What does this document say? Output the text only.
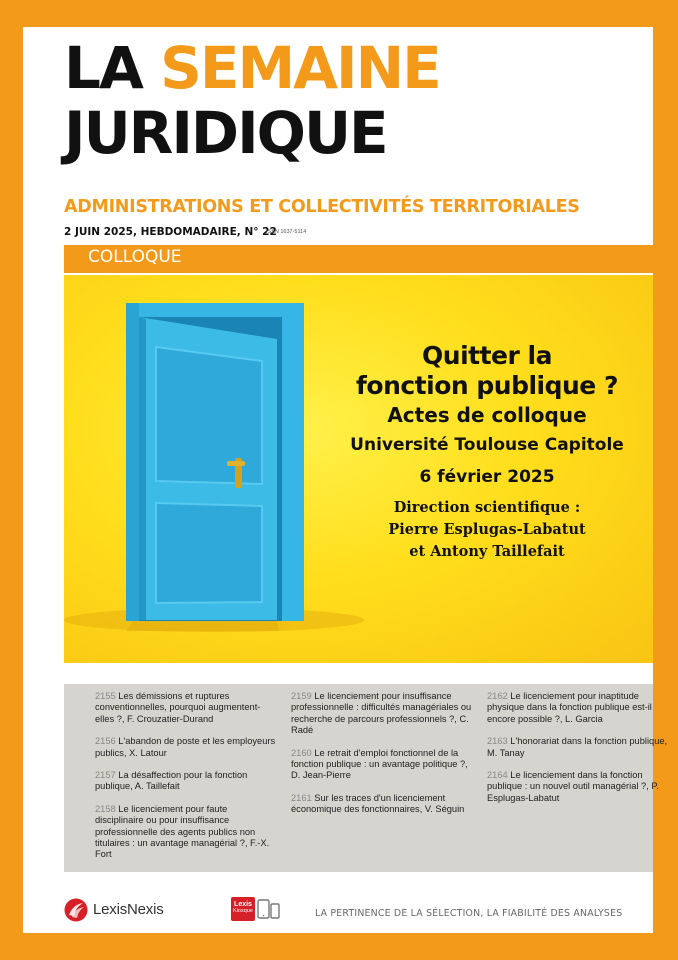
LA SEMAINE
JURIDIQUE
ADMINISTRATIONS ET COLLECTIVITÉS TERRITORIALES
2 JUIN 2025, HEBDOMADAIRE, N° 22
ISSN 1637-5114
COLLOQUE
Quitter la
fonction publique ?
Actes de colloque
Université Toulouse Capitole
6 février 2025
Direction scientifique :
Pierre Esplugas-Labatut
et Antony Taillefait
2155 Les démissions et ruptures conventionnelles, pourquoi augmentent-elles ?, F. Crouzatier-Durand
2156 L'abandon de poste et les employeurs publics, X. Latour
2157 La désaffection pour la fonction publique, A. Taillefait
2158 Le licenciement pour faute disciplinaire ou pour insuffisance professionnelle des agents publics non titulaires : un avantage managérial ?, F.-X. Fort
2159 Le licenciement pour insuffisance professionnelle : difficultés managériales ou recherche de parcours professionnels ?, C. Radé
2160 Le retrait d'emploi fonctionnel de la fonction publique : un avantage politique ?, D. Jean-Pierre
2161 Sur les traces d'un licenciement économique des fonctionnaires, V. Séguin
2162 Le licenciement pour inaptitude physique dans la fonction publique est-il encore possible ?, L. Garcia
2163 L'honorariat dans la fonction publique, M. Tanay
2164 Le licenciement dans la fonction publique : un nouvel outil managérial ?, P. Esplugas-Labatut
LexisNexis	Lexis
Kiosque	LA PERTINENCE DE LA SÉLECTION, LA FIABILITÉ DES ANALYSES
